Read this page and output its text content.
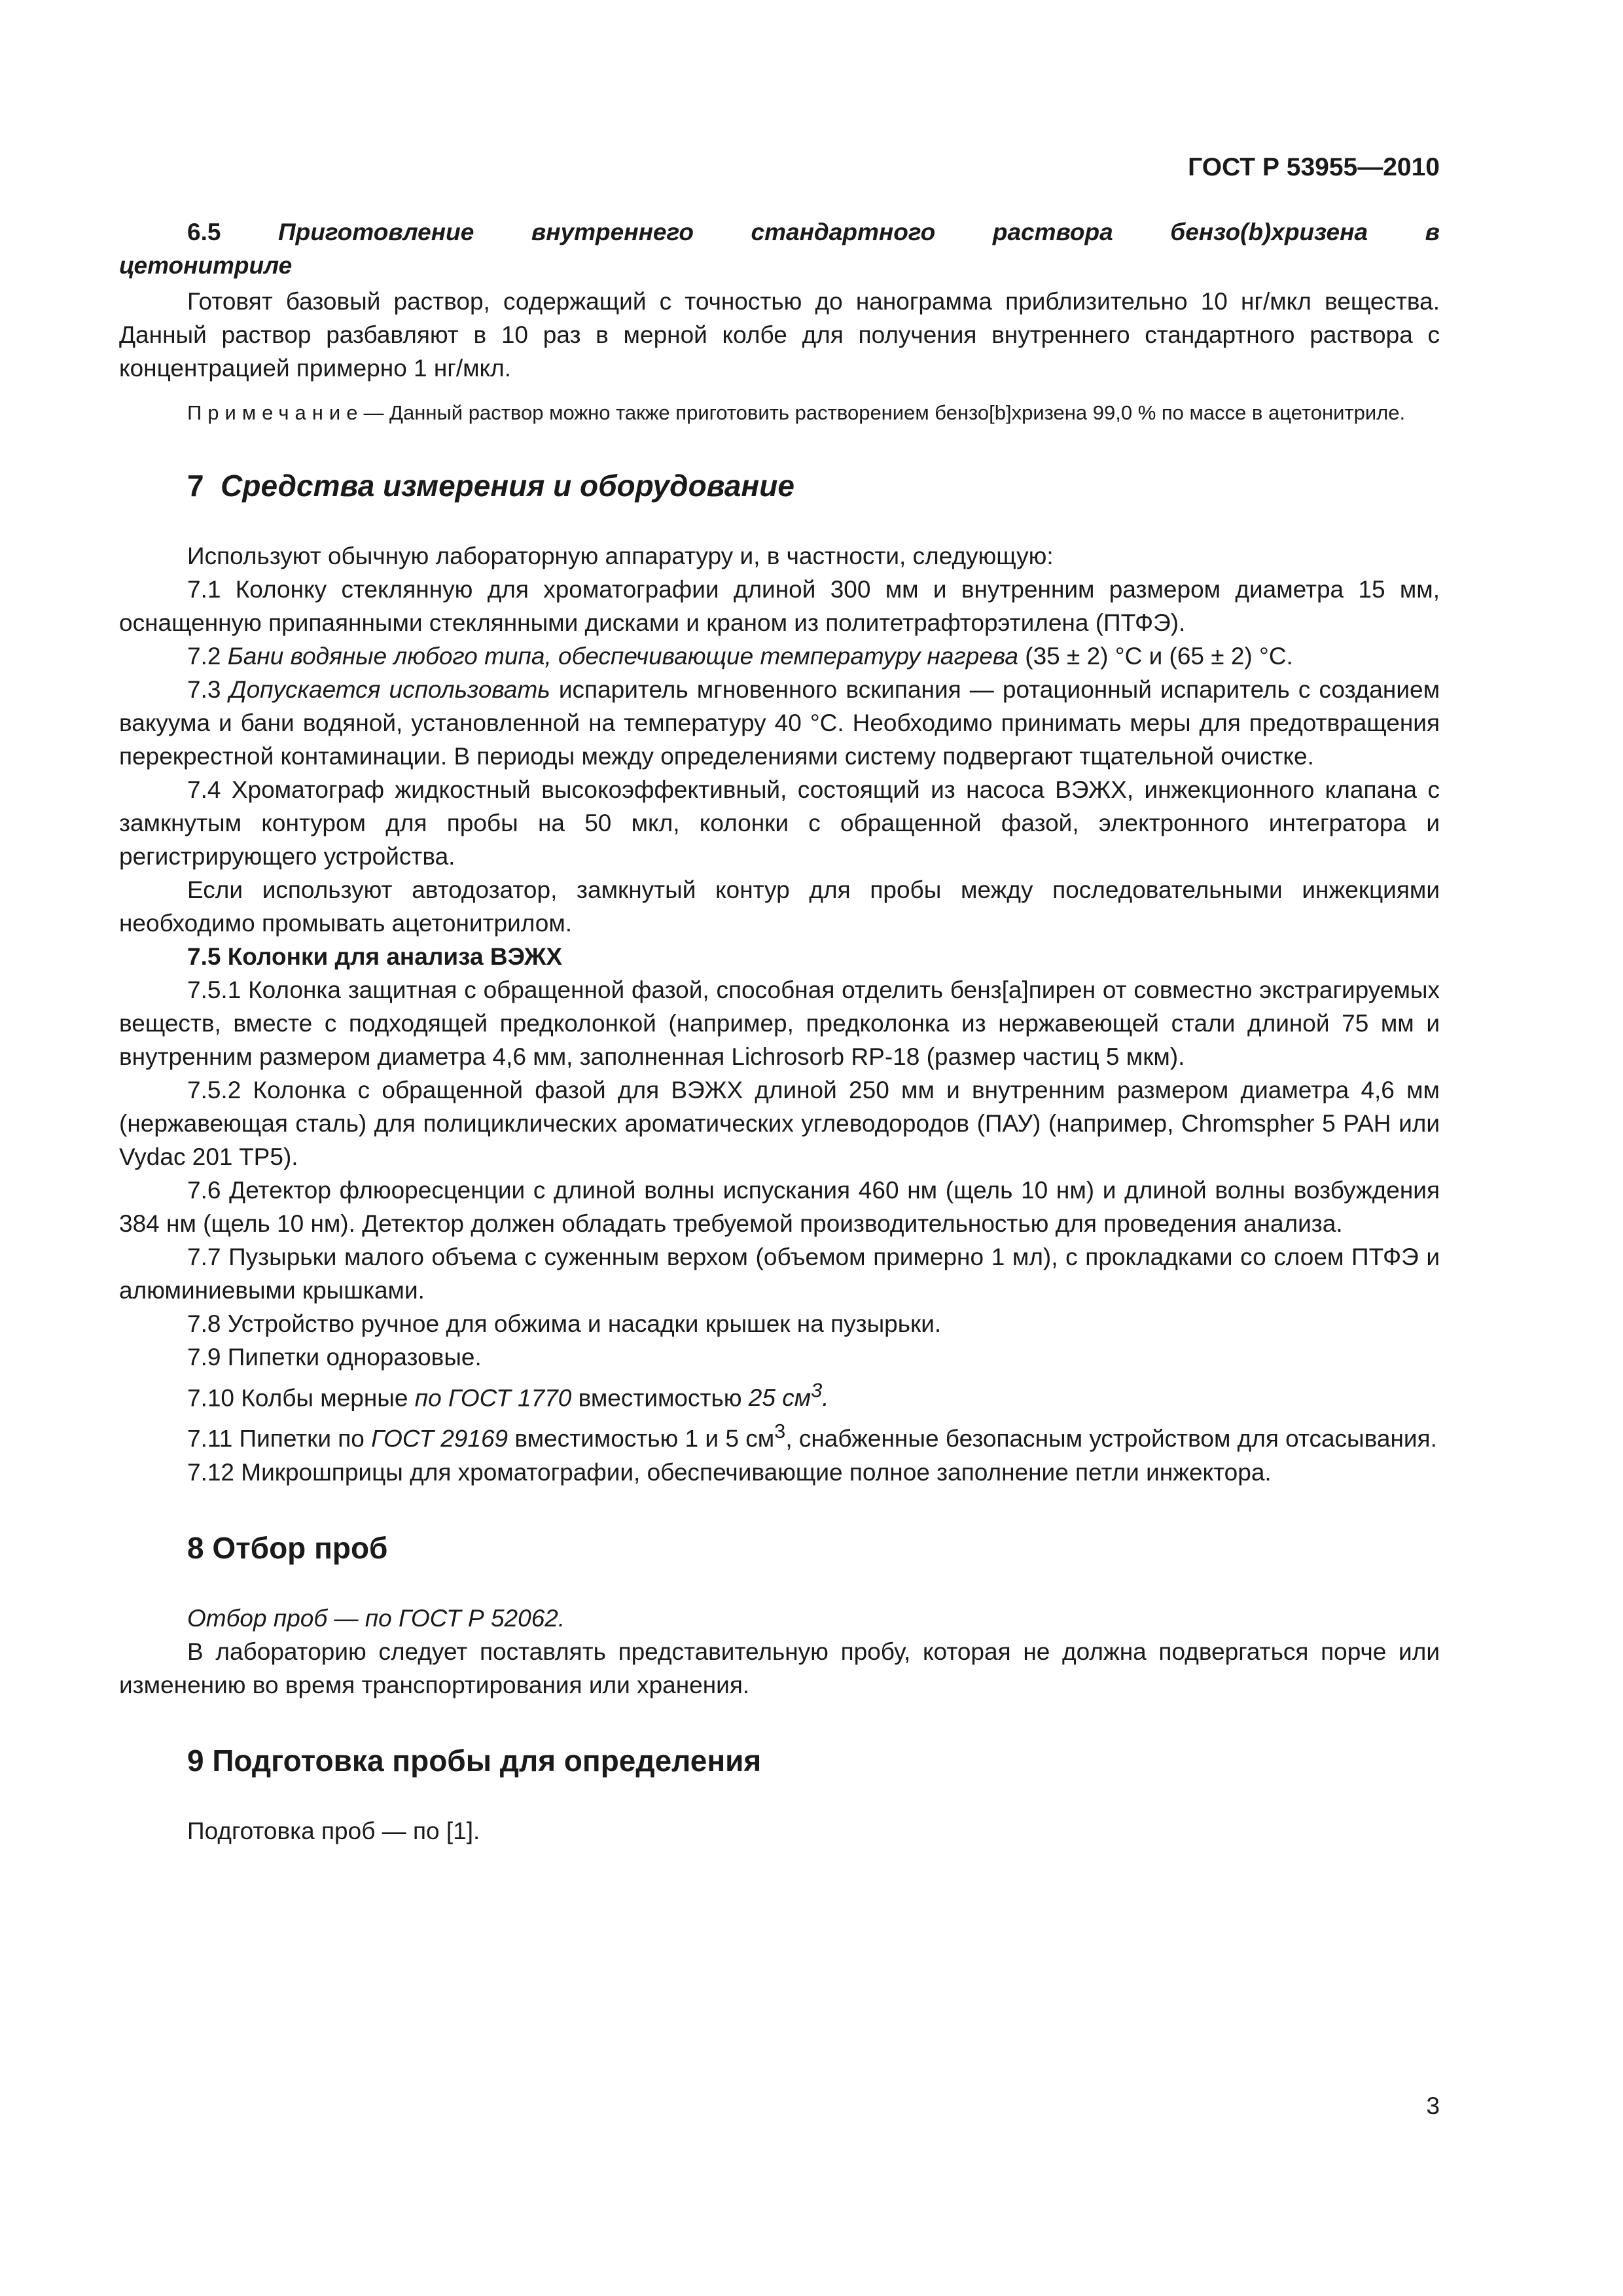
ГОСТ Р 53955—2010

6.5 Приготовление внутреннего стандартного раствора бензо(b)хризена в

цетонитриле

Готовят базовый раствор, содержащий с точностью до нанограмма приблизительно 10 нг/мкл вещества. Данный раствор разбавляют в 10 раз в мерной колбе для получения внутреннего стандартного раствора с концентрацией примерно 1 нг/мкл.

Примечание— Данный раствор можно также приготовить растворением бензо[b]хризена 99,0 % по массе в ацетонитриле.

7 Средства измерения и оборудование

Используют обычную лабораторную аппаратуру и, в частности, следующую:

7.1 Колонку стеклянную для хроматографии длиной 300 мм и внутренним размером диаметра 15 мм, оснащенную припаянными стеклянными дисками и краном из политетрафторэтилена (ПТФЭ).

7.2 Бани водяные любого типа, обеспечивающие температуру нагрева (35 ± 2) °С и (65 ± 2) °С.

7.3 Допускается использовать испаритель мгновенного вскипания — ротационный испаритель с созданием вакуума и бани водяной, установленной на температуру 40 °С. Необходимо принимать меры для предотвращения перекрестной контаминации. В периоды между определениями систему подвергают тщательной очистке.

7.4 Хроматограф жидкостный высокоэффективный, состоящий из насоса ВЭЖХ, инжекционного клапана с замкнутым контуром для пробы на 50 мкл, колонки с обращенной фазой, электронного интегратора и регистрирующего устройства.

Если используют автодозатор, замкнутый контур для пробы между последовательными инжекциями необходимо промывать ацетонитрилом.

7.5 Колонки для анализа ВЭЖХ

7.5.1 Колонка защитная с обращенной фазой, способная отделить бенз[а]пирен от совместно экстрагируемых веществ, вместе с подходящей предколонкой (например, предколонка из нержавеющей стали длиной 75 мм и внутренним размером диаметра 4,6 мм, заполненная Lichrosorb RP-18 (размер частиц 5 мкм).

7.5.2 Колонка с обращенной фазой для ВЭЖХ длиной 250 мм и внутренним размером диаметра 4,6 мм (нержавеющая сталь) для полициклических ароматических углеводородов (ПАУ) (например, Chromspher 5 PAH или Vydac 201 TP5).

7.6 Детектор флюоресценции с длиной волны испускания 460 нм (щель 10 нм) и длиной волны возбуждения 384 нм (щель 10 нм). Детектор должен обладать требуемой производительностью для проведения анализа.

7.7 Пузырьки малого объема с суженным верхом (объемом примерно 1 мл), с прокладками со слоем ПТФЭ и алюминиевыми крышками.

7.8 Устройство ручное для обжима и насадки крышек на пузырьки.

7.9 Пипетки одноразовые.

7.10 Колбы мерные по ГОСТ 1770 вместимостью 25 $см^3$.

7.11 Пипетки по ГОСТ 29169 вместимостью 1 и 5 $см^3$, снабженные безопасным устройством для отсасывания.

7.12 Микрошприцы для хроматографии, обеспечивающие полное заполнение петли инжектора.

8 Отбор проб

Отбор проб — по ГОСТ Р 52062.

В лабораторию следует поставлять представительную пробу, которая не должна подвергаться порче или изменению во время транспортирования или хранения.

9 Подготовка пробы для определения

Подготовка проб — по [1].

3
